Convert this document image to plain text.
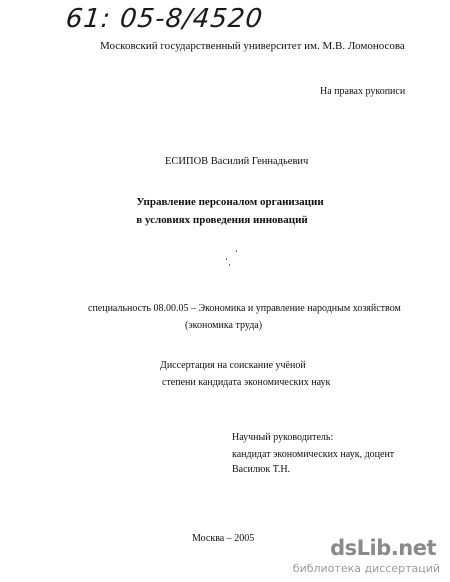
61: 05-8/4520
Московский государственный университет им. М.В. Ломоносова
На правах рукописи
ЕСИПОВ Василий Геннадьевич
Управление персоналом организации
в условиях проведения инноваций
специальность 08.00.05 – Экономика и управление народным хозяйством
(экономика труда)
Диссертация на соискание учёной
степени кандидата экономических наук
Научный руководитель:
кандидат экономических наук, доцент
Василюк Т.Н.
Москва – 2005	dsLib.net
библиотека диссертаций
